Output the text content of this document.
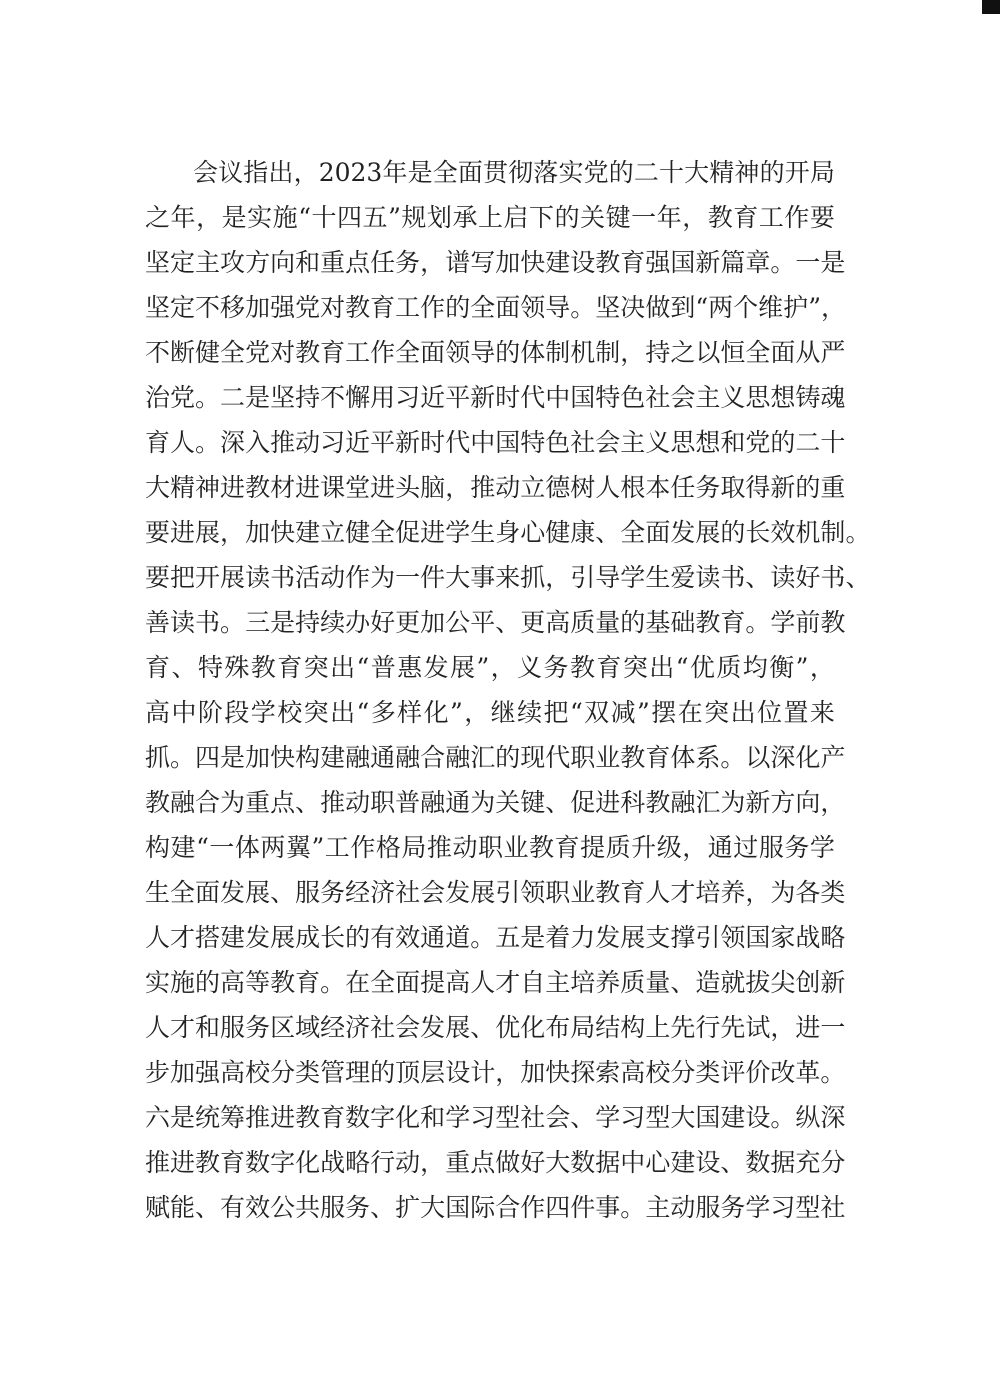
会 议 指 出 ， 2023 年 是 全 面 贯 彻 落 实 党 的 二 十 大 精 神 的 开 局
之 年 ， 是 实 施 “ 十 四 五 ” 规 划 承 上 启 下 的 关 键 一 年 ， 教 育 工 作 要
坚 定 主 攻 方 向 和 重 点 任 务 ， 谱 写 加 快 建 设 教 育 强 国 新 篇 章 。 一 是
坚 定 不 移 加 强 党 对 教 育 工 作 的 全 面 领 导 。 坚 决 做 到 “ 两 个 维 护 ” ，
不 断 健 全 党 对 教 育 工 作 全 面 领 导 的 体 制 机 制 ， 持 之 以 恒 全 面 从 严
治 党 。 二 是 坚 持 不 懈 用 习 近 平 新 时 代 中 国 特 色 社 会 主 义 思 想 铸 魂
育 人 。 深 入 推 动 习 近 平 新 时 代 中 国 特 色 社 会 主 义 思 想 和 党 的 二 十
大 精 神 进 教 材 进 课 堂 进 头 脑 ， 推 动 立 德 树 人 根 本 任 务 取 得 新 的 重
要 进 展 ， 加 快 建 立 健 全 促 进 学 生 身 心 健 康 、 全 面 发 展 的 长 效 机 制 。
要 把 开 展 读 书 活 动 作 为 一 件 大 事 来 抓 ， 引 导 学 生 爱 读 书 、 读 好 书 、
善 读 书 。 三 是 持 续 办 好 更 加 公 平 、 更 高 质 量 的 基 础 教 育 。 学 前 教
育 、 特 殊 教 育 突 出 “ 普 惠 发 展 ” ， 义 务 教 育 突 出 “ 优 质 均 衡 ” ，
高 中 阶 段 学 校 突 出 “ 多 样 化 ” ， 继 续 把 “ 双 减 ” 摆 在 突 出 位 置 来
抓 。 四 是 加 快 构 建 融 通 融 合 融 汇 的 现 代 职 业 教 育 体 系 。 以 深 化 产
教 融 合 为 重 点 、 推 动 职 普 融 通 为 关 键 、 促 进 科 教 融 汇 为 新 方 向 ，
构 建 “ 一 体 两 翼 ” 工 作 格 局 推 动 职 业 教 育 提 质 升 级 ， 通 过 服 务 学
生 全 面 发 展 、 服 务 经 济 社 会 发 展 引 领 职 业 教 育 人 才 培 养 ， 为 各 类
人 才 搭 建 发 展 成 长 的 有 效 通 道 。 五 是 着 力 发 展 支 撑 引 领 国 家 战 略
实 施 的 高 等 教 育 。 在 全 面 提 高 人 才 自 主 培 养 质 量 、 造 就 拔 尖 创 新
人 才 和 服 务 区 域 经 济 社 会 发 展 、 优 化 布 局 结 构 上 先 行 先 试 ， 进 一
步 加 强 高 校 分 类 管 理 的 顶 层 设 计 ， 加 快 探 索 高 校 分 类 评 价 改 革 。
六 是 统 筹 推 进 教 育 数 字 化 和 学 习 型 社 会 、 学 习 型 大 国 建 设 。 纵 深
推 进 教 育 数 字 化 战 略 行 动 ， 重 点 做 好 大 数 据 中 心 建 设 、 数 据 充 分
赋 能 、 有 效 公 共 服 务 、 扩 大 国 际 合 作 四 件 事 。 主 动 服 务 学 习 型 社
